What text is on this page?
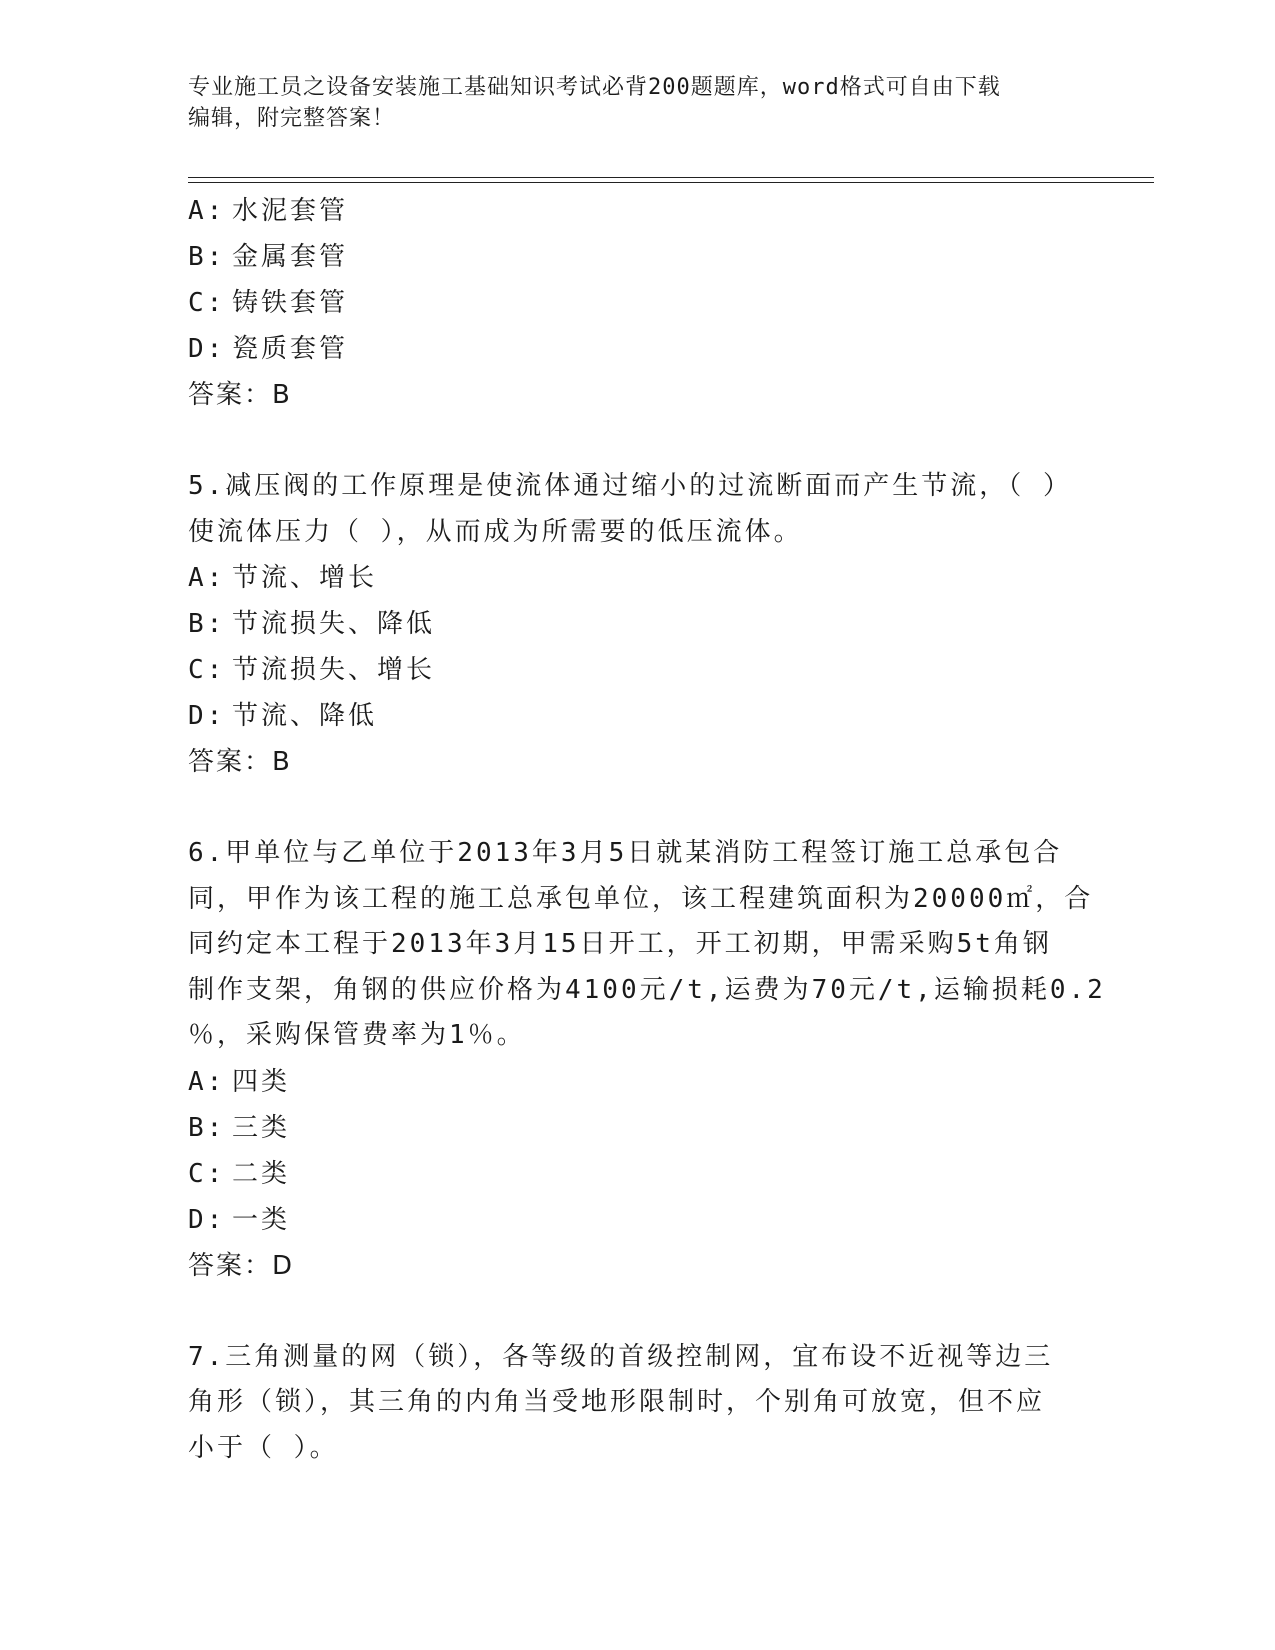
专业施工员之设备安装施工基础知识考试必背200题题库，word格式可自由下载
编辑，附完整答案！
A: 水泥套管
B: 金属套管
C: 铸铁套管
D: 瓷质套管
答案：B
5.减压阀的工作原理是使流体通过缩小的过流断面而产生节流，（ ）
使流体压力（ ），从而成为所需要的低压流体。
A: 节流、增长
B: 节流损失、降低
C: 节流损失、增长
D: 节流、降低
答案：B
6.甲单位与乙单位于2013年3月5日就某消防工程签订施工总承包合
同，甲作为该工程的施工总承包单位，该工程建筑面积为20000㎡，合
同约定本工程于2013年3月15日开工，开工初期，甲需采购5t角钢
制作支架，角钢的供应价格为4100元/t,运费为70元/t,运输损耗0.2
％，采购保管费率为1％。
A: 四类
B: 三类
C: 二类
D: 一类
答案：D
7.三角测量的网（锁），各等级的首级控制网，宜布设不近视等边三
角形（锁），其三角的内角当受地形限制时，个别角可放宽，但不应
小于（ ）。
